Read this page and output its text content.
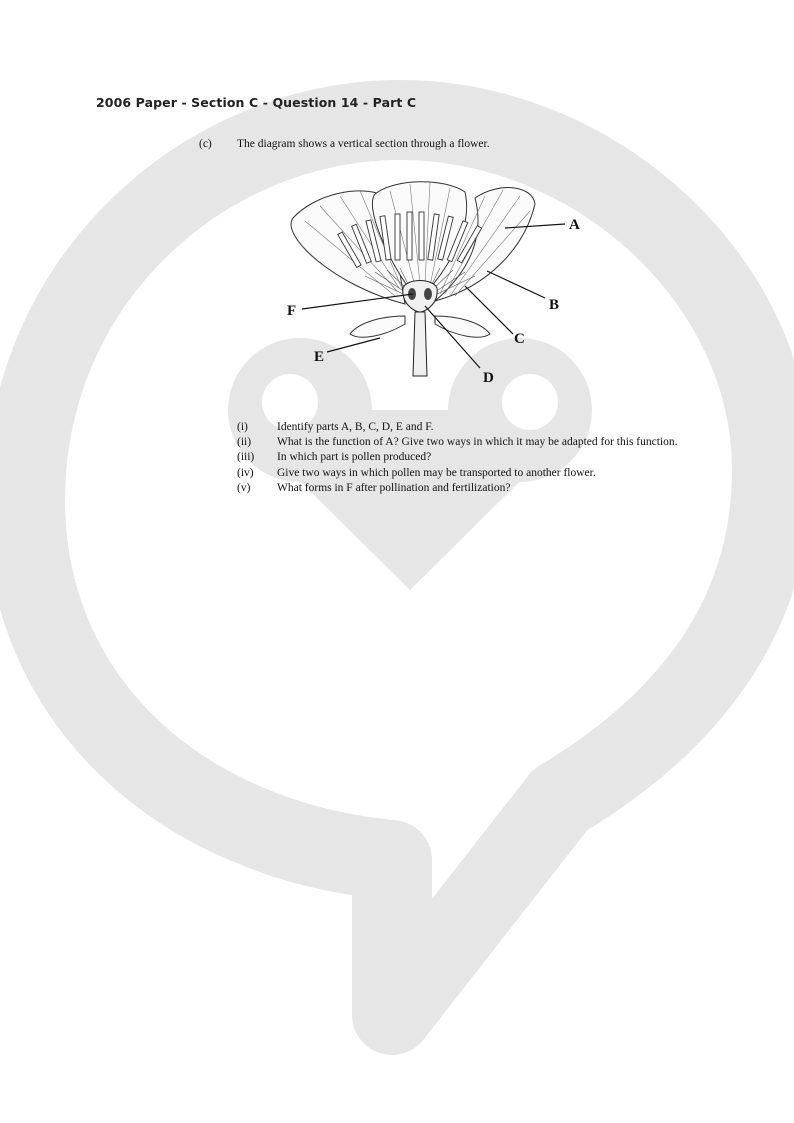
2006 Paper - Section C - Question 14 - Part C
(c) The diagram shows a vertical section through a flower.
A
B
C
D
E
F
(i)	Identify parts A, B, C, D, E and F.
(ii) What is the function of A? Give two ways in which it may be adapted for this function.
(iii) In which part is pollen produced?
(iv) Give two ways in which pollen may be transported to another flower.
(v) What forms in F after pollination and fertilization?
